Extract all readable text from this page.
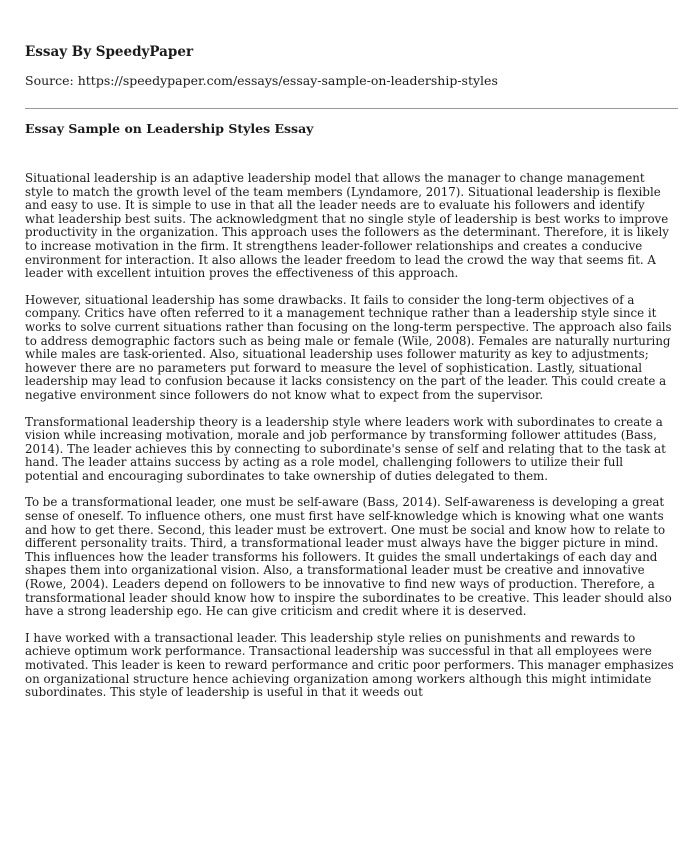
Essay By SpeedyPaper

Source: https://speedypaper.com/essays/essay-sample-on-leadership-styles

Essay Sample on Leadership Styles Essay

Situational leadership is an adaptive leadership model that allows the manager to change management style to match the growth level of the team members (Lyndamore, 2017). Situational leadership is flexible and easy to use. It is simple to use in that all the leader needs are to evaluate his followers and identify what leadership best suits. The acknowledgment that no single style of leadership is best works to improve productivity in the organization. This approach uses the followers as the determinant. Therefore, it is likely to increase motivation in the firm. It strengthens leader-follower relationships and creates a conducive environment for interaction. It also allows the leader freedom to lead the crowd the way that seems fit. A leader with excellent intuition proves the effectiveness of this approach.

However, situational leadership has some drawbacks. It fails to consider the long-term objectives of a company. Critics have often referred to it a management technique rather than a leadership style since it works to solve current situations rather than focusing on the long-term perspective. The approach also fails to address demographic factors such as being male or female (Wile, 2008). Females are naturally nurturing while males are task-oriented. Also, situational leadership uses follower maturity as key to adjustments; however there are no parameters put forward to measure the level of sophistication. Lastly, situational leadership may lead to confusion because it lacks consistency on the part of the leader. This could create a negative environment since followers do not know what to expect from the supervisor.

Transformational leadership theory is a leadership style where leaders work with subordinates to create a vision while increasing motivation, morale and job performance by transforming follower attitudes (Bass, 2014). The leader achieves this by connecting to subordinate's sense of self and relating that to the task at hand. The leader attains success by acting as a role model, challenging followers to utilize their full potential and encouraging subordinates to take ownership of duties delegated to them.

To be a transformational leader, one must be self-aware (Bass, 2014). Self-awareness is developing a great sense of oneself. To influence others, one must first have self-knowledge which is knowing what one wants and how to get there. Second, this leader must be extrovert. One must be social and know how to relate to different personality traits. Third, a transformational leader must always have the bigger picture in mind. This influences how the leader transforms his followers. It guides the small undertakings of each day and shapes them into organizational vision. Also, a transformational leader must be creative and innovative (Rowe, 2004). Leaders depend on followers to be innovative to find new ways of production. Therefore, a transformational leader should know how to inspire the subordinates to be creative. This leader should also have a strong leadership ego. He can give criticism and credit where it is deserved.

I have worked with a transactional leader. This leadership style relies on punishments and rewards to achieve optimum work performance. Transactional leadership was successful in that all employees were motivated. This leader is keen to reward performance and critic poor performers. This manager emphasizes on organizational structure hence achieving organization among workers although this might intimidate subordinates. This style of leadership is useful in that it weeds out
